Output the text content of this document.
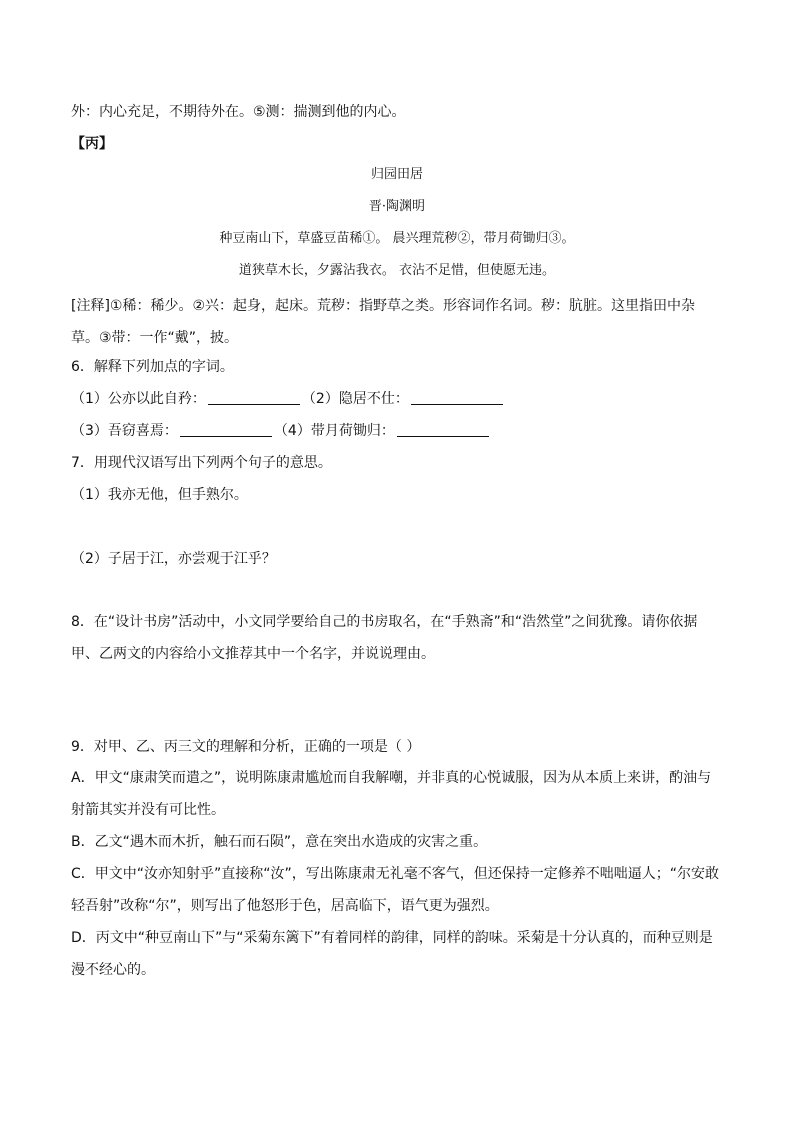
外：内心充足，不期待外在。⑤测：揣测到他的内心。
【丙】
归园田居
晋·陶渊明
种豆南山下，草盛豆苗稀①。 晨兴理荒秽②，带月荷锄归③。
道狭草木长，夕露沾我衣。 衣沾不足惜，但使愿无违。
[注释]①稀：稀少。②兴：起身，起床。荒秽：指野草之类。形容词作名词。秽：肮脏。这里指田中杂草。③带：一作“戴”，披。
6．解释下列加点的字词。
（1）公亦以此自矜：	（2）隐居不仕：
（3）吾窃喜焉：	（4）带月荷锄归：
7．用现代汉语写出下列两个句子的意思。
（1）我亦无他，但手熟尔。
（2）子居于江，亦尝观于江乎？
8．在“设计书房”活动中，小文同学要给自己的书房取名，在“手熟斋”和“浩然堂”之间犹豫。请你依据甲、乙两文的内容给小文推荐其中一个名字，并说说理由。
9．对甲、乙、丙三文的理解和分析，正确的一项是（ ）
A．甲文“康肃笑而遣之”，说明陈康肃尴尬而自我解嘲，并非真的心悦诚服，因为从本质上来讲，酌油与射箭其实并没有可比性。
B．乙文“遇木而木折，触石而石陨”，意在突出水造成的灾害之重。
C．甲文中“汝亦知射乎”直接称“汝”，写出陈康肃无礼毫不客气，但还保持一定修养不咄咄逼人；“尔安敢轻吾射”改称“尔”，则写出了他怒形于色，居高临下，语气更为强烈。
D．丙文中“种豆南山下”与“采菊东篱下”有着同样的韵律，同样的韵味。采菊是十分认真的，而种豆则是漫不经心的。
